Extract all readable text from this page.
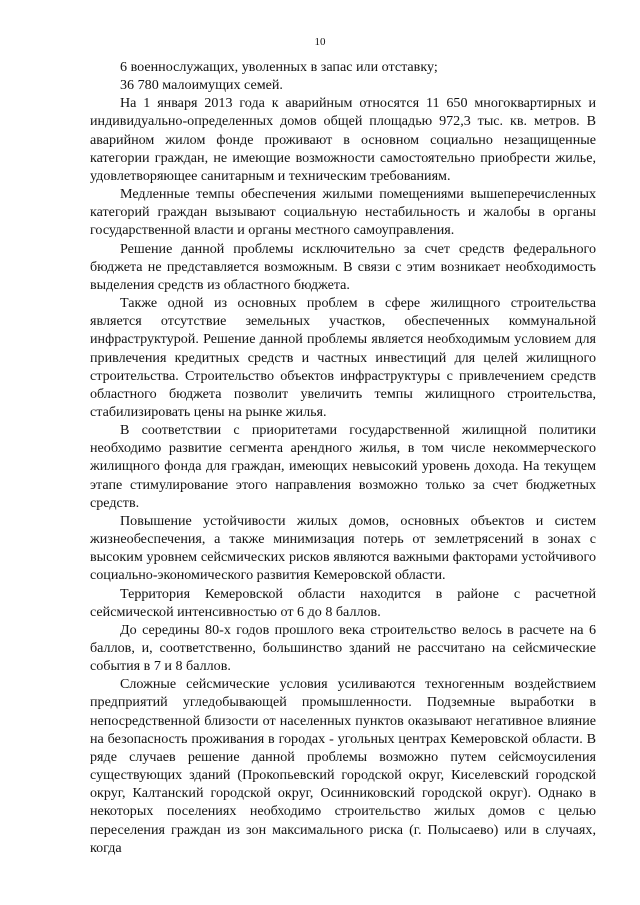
10

6 военнослужащих, уволенных в запас или отставку;

36 780 малоимущих семей.

На 1 января 2013 года к аварийным относятся 11 650 многоквартирных и индивидуально-определенных домов общей площадью 972,3 тыс. кв. метров. В аварийном жилом фонде проживают в основном социально незащищенные категории граждан, не имеющие возможности самостоятельно приобрести жилье, удовлетворяющее санитарным и техническим требованиям.

Медленные темпы обеспечения жилыми помещениями вышеперечисленных категорий граждан вызывают социальную нестабильность и жалобы в органы государственной власти и органы местного самоуправления.

Решение данной проблемы исключительно за счет средств федерального бюджета не представляется возможным. В связи с этим возникает необходимость выделения средств из областного бюджета.

Также одной из основных проблем в сфере жилищного строительства является отсутствие земельных участков, обеспеченных коммунальной инфраструктурой. Решение данной проблемы является необходимым условием для привлечения кредитных средств и частных инвестиций для целей жилищного строительства. Строительство объектов инфраструктуры с привлечением средств областного бюджета позволит увеличить темпы жилищного строительства, стабилизировать цены на рынке жилья.

В соответствии с приоритетами государственной жилищной политики необходимо развитие сегмента арендного жилья, в том числе некоммерческого жилищного фонда для граждан, имеющих невысокий уровень дохода. На текущем этапе стимулирование этого направления возможно только за счет бюджетных средств.

Повышение устойчивости жилых домов, основных объектов и систем жизнеобеспечения, а также минимизация потерь от землетрясений в зонах с высоким уровнем сейсмических рисков являются важными факторами устойчивого социально-экономического развития Кемеровской области.

Территория Кемеровской области находится в районе с расчетной сейсмической интенсивностью от 6 до 8 баллов.

До середины 80-х годов прошлого века строительство велось в расчете на 6 баллов, и, соответственно, большинство зданий не рассчитано на сейсмические события в 7 и 8 баллов.

Сложные сейсмические условия усиливаются техногенным воздействием предприятий угледобывающей промышленности. Подземные выработки в непосредственной близости от населенных пунктов оказывают негативное влияние на безопасность проживания в городах - угольных центрах Кемеровской области. В ряде случаев решение данной проблемы возможно путем сейсмоусиления существующих зданий (Прокопьевский городской округ, Киселевский городской округ, Калтанский городской округ, Осинниковский городской округ). Однако в некоторых поселениях необходимо строительство жилых домов с целью переселения граждан из зон максимального риска (г. Полысаево) или в случаях, когда
